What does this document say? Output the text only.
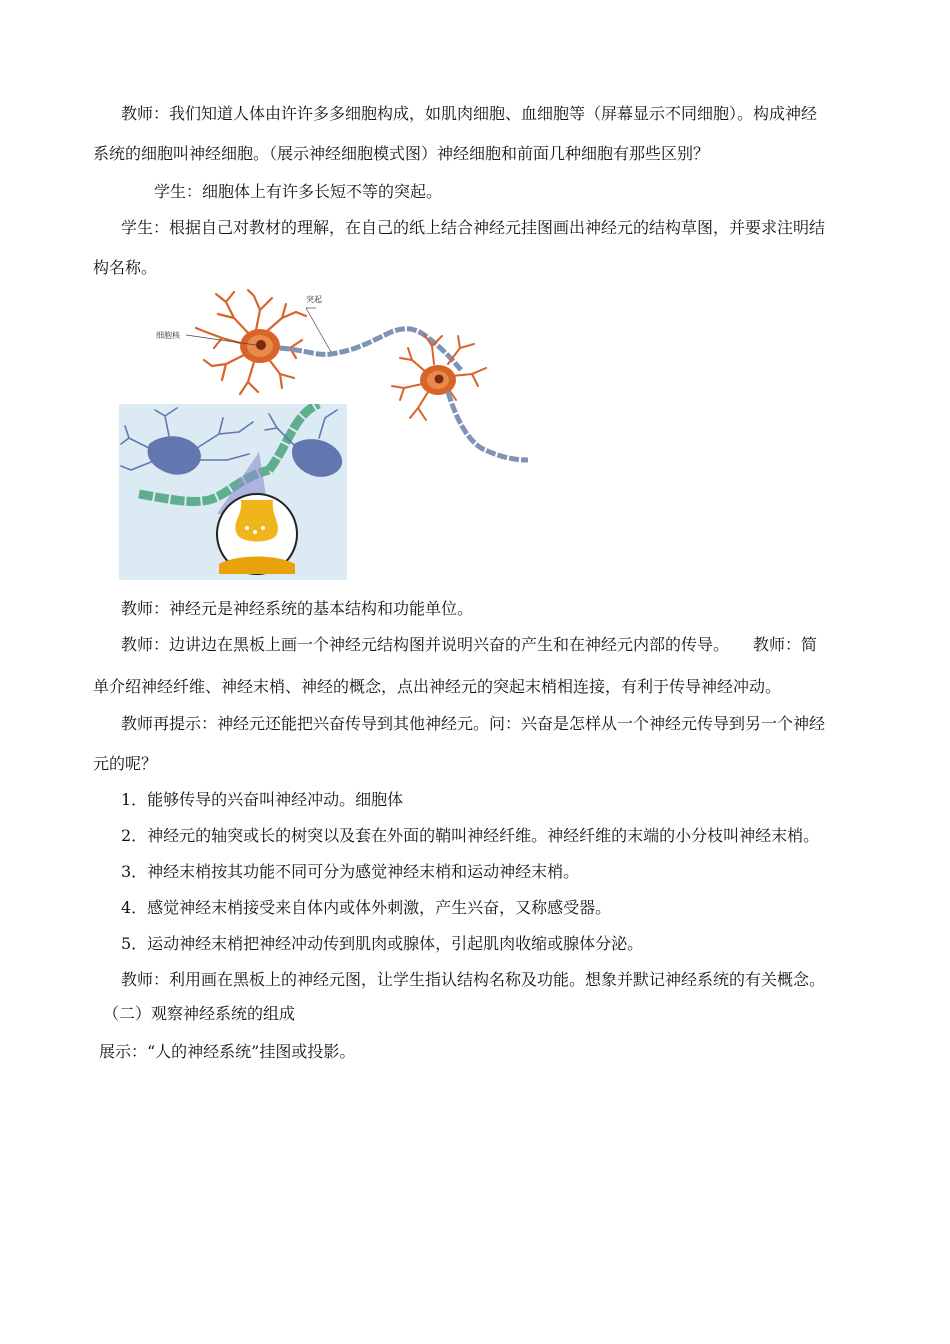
教师：我们知道人体由许许多多细胞构成，如肌肉细胞、血细胞等（屏幕显示不同细胞）。构成神经
系统的细胞叫神经细胞。（展示神经细胞模式图）神经细胞和前面几种细胞有那些区别？
学生：细胞体上有许多长短不等的突起。
学生：根据自己对教材的理解，在自己的纸上结合神经元挂图画出神经元的结构草图，并要求注明结
构名称。
突起
细胞核
教师：神经元是神经系统的基本结构和功能单位。
教师：边讲边在黑板上画一个神经元结构图并说明兴奋的产生和在神经元内部的传导。　　教师：简
单介绍神经纤维、神经末梢、神经的概念，点出神经元的突起末梢相连接，有利于传导神经冲动。
教师再提示：神经元还能把兴奋传导到其他神经元。问：兴奋是怎样从一个神经元传导到另一个神经
元的呢？
1．能够传导的兴奋叫神经冲动。细胞体
2．神经元的轴突或长的树突以及套在外面的鞘叫神经纤维。神经纤维的末端的小分枝叫神经末梢。
3．神经末梢按其功能不同可分为感觉神经末梢和运动神经末梢。
4．感觉神经末梢接受来自体内或体外刺激，产生兴奋，又称感受器。
5．运动神经末梢把神经冲动传到肌肉或腺体，引起肌肉收缩或腺体分泌。
教师：利用画在黑板上的神经元图，让学生指认结构名称及功能。想象并默记神经系统的有关概念。
（二）观察神经系统的组成
展示：“人的神经系统”挂图或投影。
